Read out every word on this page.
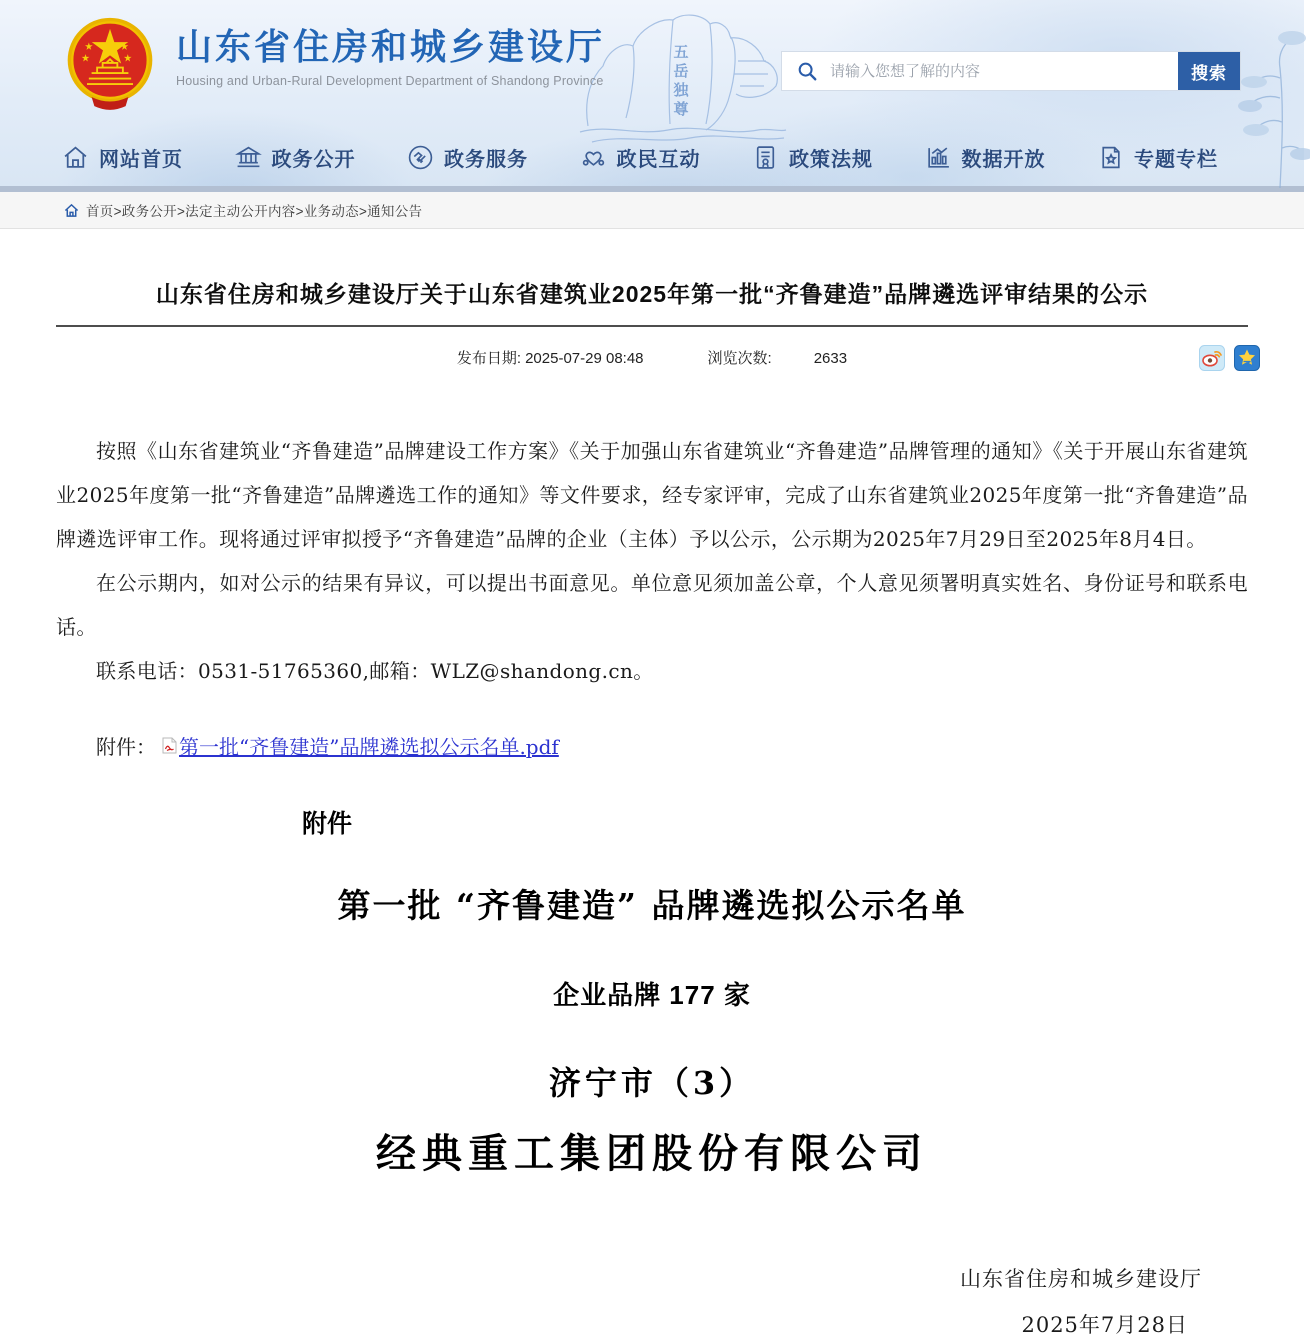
五岳独尊
山东省住房和城乡建设厅
Housing and Urban-Rural Development Department of Shandong Province
请输入您想了解的内容	搜索
网站首页	政务公开	政务服务	政民互动	政策法规	数据开放	专题专栏
首页>政务公开>法定主动公开内容>业务动态>通知公告
山东省住房和城乡建设厅关于山东省建筑业2025年第一批“齐鲁建造”品牌遴选评审结果的公示
发布日期: 2025-07-29 08:48	浏览次数:	2633

按照《山东省建筑业“齐鲁建造”品牌建设工作方案》《关于加强山东省建筑业“齐鲁建造”品牌管理的通知》《关于开展山东省建筑业2025年度第一批“齐鲁建造”品牌遴选工作的通知》等文件要求，经专家评审，完成了山东省建筑业2025年度第一批“齐鲁建造”品牌遴选评审工作。现将通过评审拟授予“齐鲁建造”品牌的企业（主体）予以公示，公示期为2025年7月29日至2025年8月4日。

在公示期内，如对公示的结果有异议，可以提出书面意见。单位意见须加盖公章，个人意见须署明真实姓名、身份证号和联系电话。

联系电话：0531-51765360,邮箱：WLZ@shandong.cn。

附件： 第一批“齐鲁建造”品牌遴选拟公示名单.pdf
附件
第一批 “齐鲁建造” 品牌遴选拟公示名单
企业品牌 177 家
济宁市（3）
经典重工集团股份有限公司
山东省住房和城乡建设厅
2025年7月28日
